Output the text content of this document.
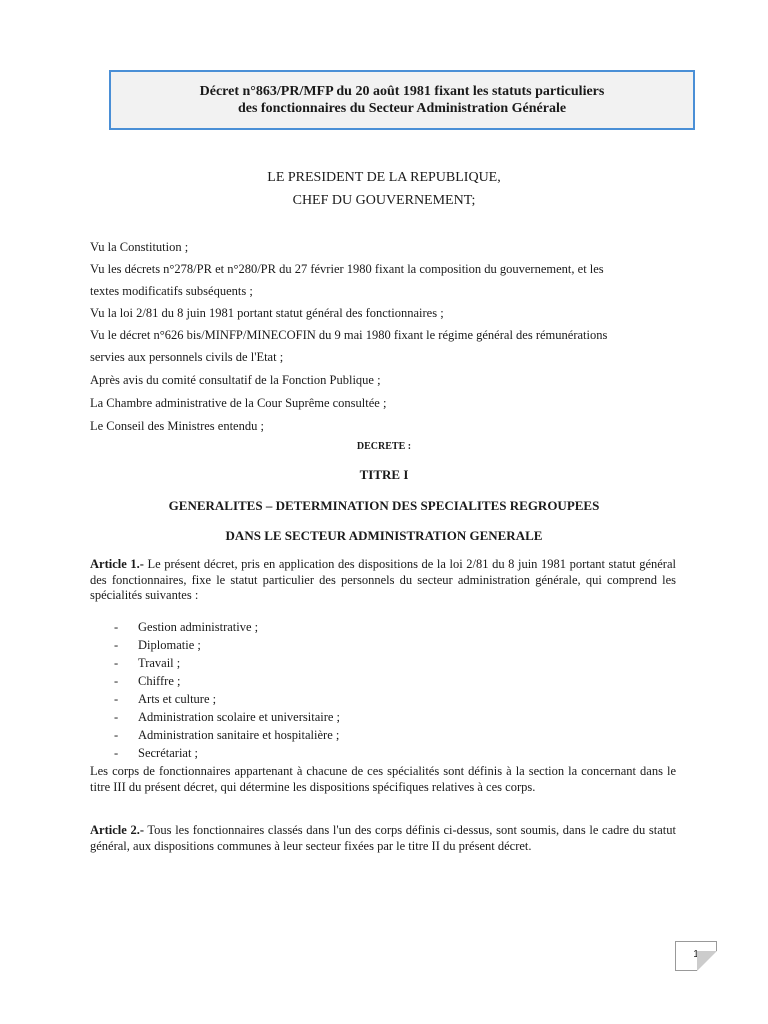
Décret n°863/PR/MFP du 20 août 1981 fixant les statuts particuliers
des fonctionnaires du Secteur Administration Générale
LE PRESIDENT DE LA REPUBLIQUE,
CHEF DU GOUVERNEMENT;
Vu la Constitution ;
Vu les décrets n°278/PR et n°280/PR du 27 février 1980 fixant la composition du gouvernement, et les
textes modificatifs subséquents ;
Vu la loi 2/81 du 8 juin 1981 portant statut général des fonctionnaires ;
Vu le décret n°626 bis/MINFP/MINECOFIN du 9 mai 1980 fixant le régime général des rémunérations
servies aux personnels civils de l'Etat ;
Après avis du comité consultatif de la Fonction Publique ;
La Chambre administrative de la Cour Suprême consultée ;
Le Conseil des Ministres entendu ;
DECRETE :
TITRE I
GENERALITES – DETERMINATION DES SPECIALITES REGROUPEES
DANS LE SECTEUR ADMINISTRATION GENERALE
Article 1.- Le présent décret, pris en application des dispositions de la loi 2/81 du 8 juin 1981 portant statut général des fonctionnaires, fixe le statut particulier des personnels du secteur administration générale, qui comprend les spécialités suivantes :
- Gestion administrative ;
- Diplomatie ;
- Travail ;
- Chiffre ;
- Arts et culture ;
- Administration scolaire et universitaire ;
- Administration sanitaire et hospitalière ;
- Secrétariat ;
Les corps de fonctionnaires appartenant à chacune de ces spécialités sont définis à la section la concernant dans le titre III du présent décret, qui détermine les dispositions spécifiques relatives à ces corps.
Article 2.- Tous les fonctionnaires classés dans l'un des corps définis ci-dessus, sont soumis, dans le cadre du statut général, aux dispositions communes à leur secteur fixées par le titre II du présent décret.
1
